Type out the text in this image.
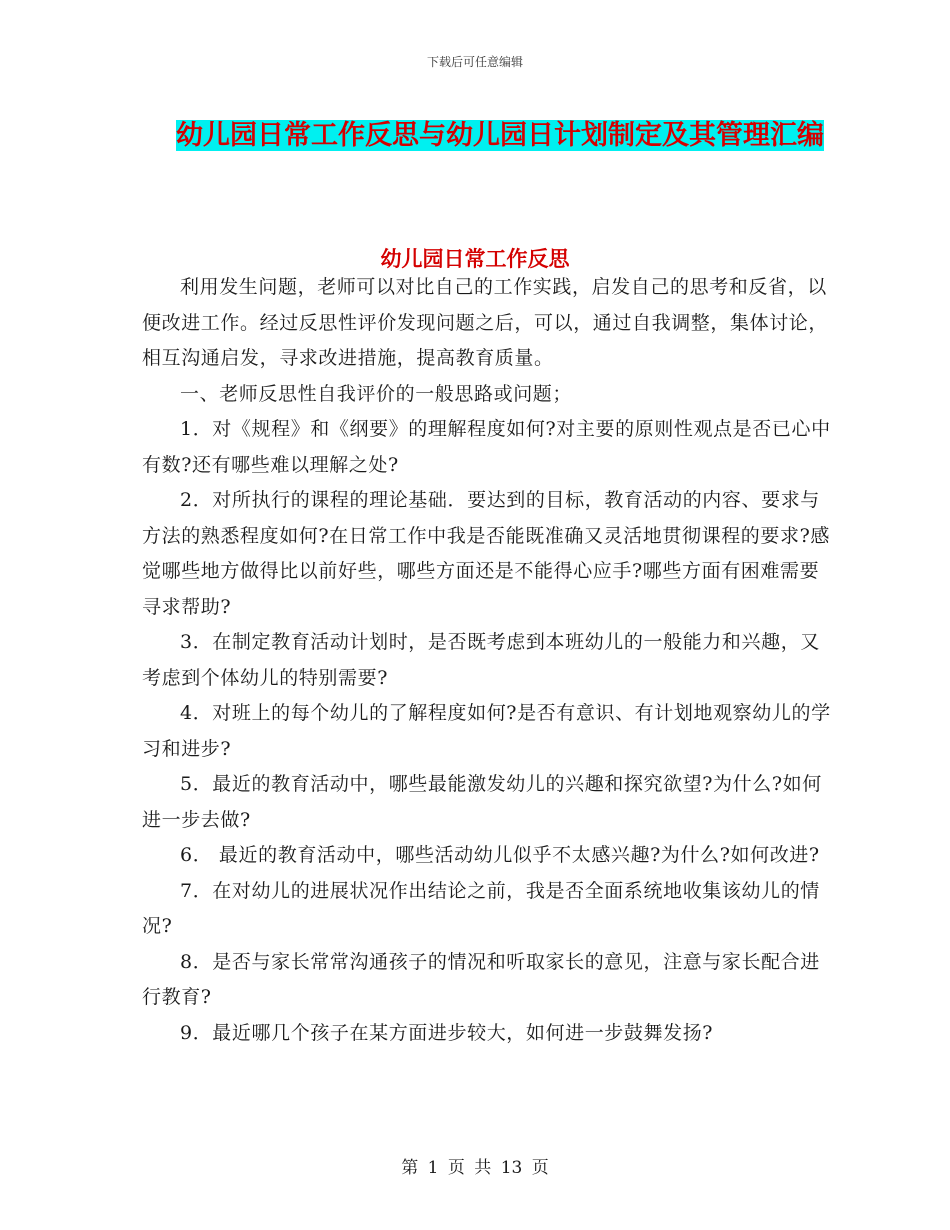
下载后可任意编辑
幼儿园日常工作反思与幼儿园日计划制定及其管理汇编
幼儿园日常工作反思

利用发生问题，老师可以对比自己的工作实践，启发自己的思考和反省，以便改进工作。经过反思性评价发现问题之后，可以，通过自我调整，集体讨论，相互沟通启发，寻求改进措施，提高教育质量。

一、老师反思性自我评价的一般思路或问题；

1．对《规程》和《纲要》的理解程度如何?对主要的原则性观点是否已心中有数?还有哪些难以理解之处?

2．对所执行的课程的理论基础．要达到的目标，教育活动的内容、要求与方法的熟悉程度如何?在日常工作中我是否能既准确又灵活地贯彻课程的要求?感觉哪些地方做得比以前好些，哪些方面还是不能得心应手?哪些方面有困难需要寻求帮助?

3．在制定教育活动计划时，是否既考虑到本班幼儿的一般能力和兴趣，又考虑到个体幼儿的特别需要?

4．对班上的每个幼儿的了解程度如何?是否有意识、有计划地观察幼儿的学习和进步?

5．最近的教育活动中，哪些最能激发幼儿的兴趣和探究欲望?为什么?如何进一步去做?

6． 最近的教育活动中，哪些活动幼儿似乎不太感兴趣?为什么?如何改进?

7．在对幼儿的进展状况作出结论之前，我是否全面系统地收集该幼儿的情况?

8．是否与家长常常沟通孩子的情况和听取家长的意见，注意与家长配合进行教育?

9．最近哪几个孩子在某方面进步较大，如何进一步鼓舞发扬?

第 1 页 共 13 页
